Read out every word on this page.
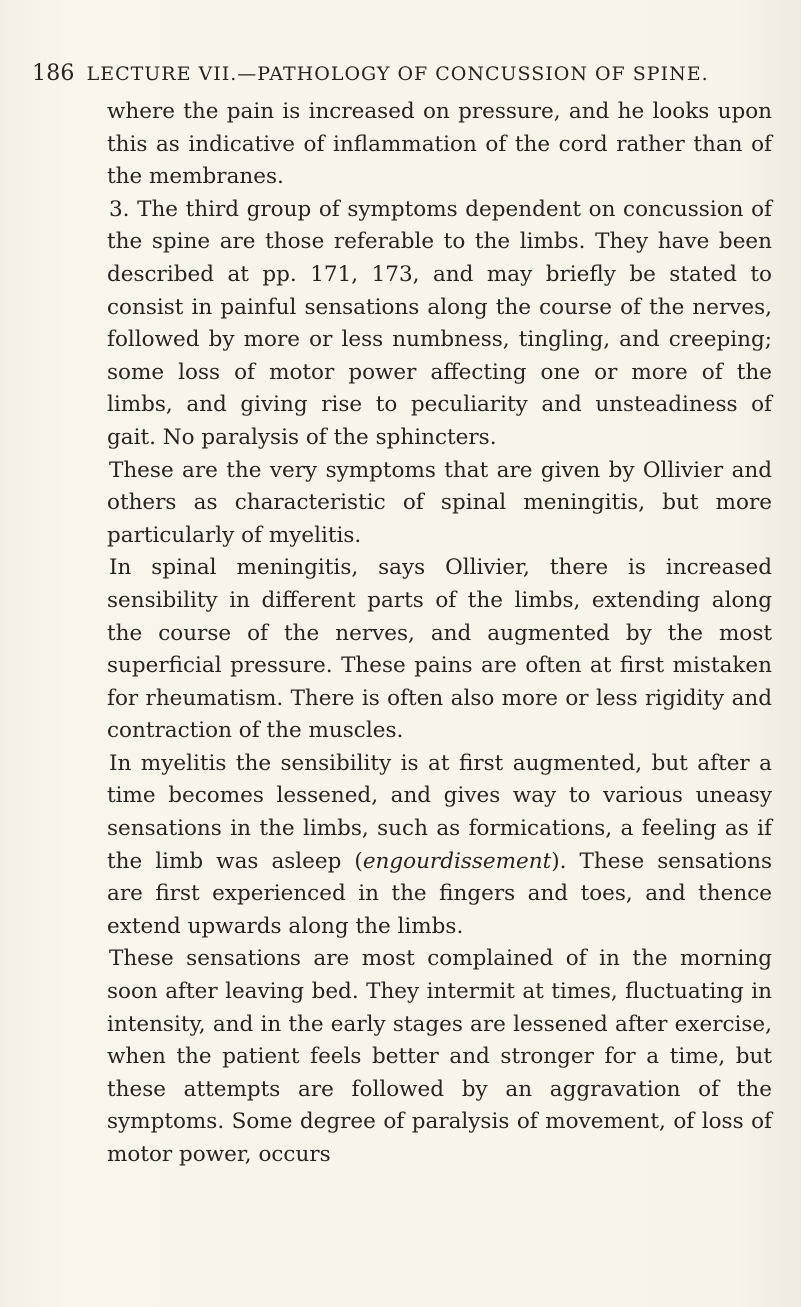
186 LECTURE VII.—PATHOLOGY OF CONCUSSION OF SPINE.

where the pain is increased on pressure, and he looks upon this as indicative of inflammation of the cord rather than of the membranes.

3. The third group of symptoms dependent on concussion of the spine are those referable to the limbs. They have been described at pp. 171, 173, and may briefly be stated to consist in painful sensations along the course of the nerves, followed by more or less numbness, tingling, and creeping; some loss of motor power affecting one or more of the limbs, and giving rise to peculiarity and unsteadiness of gait. No paralysis of the sphincters.

These are the very symptoms that are given by Ollivier and others as characteristic of spinal meningitis, but more particularly of myelitis.

In spinal meningitis, says Ollivier, there is increased sensibility in different parts of the limbs, extending along the course of the nerves, and augmented by the most superficial pressure. These pains are often at first mistaken for rheumatism. There is often also more or less rigidity and contraction of the muscles.

In myelitis the sensibility is at first augmented, but after a time becomes lessened, and gives way to various uneasy sensations in the limbs, such as formications, a feeling as if the limb was asleep (engourdissement). These sensations are first experienced in the fingers and toes, and thence extend upwards along the limbs.

These sensations are most complained of in the morning soon after leaving bed. They intermit at times, fluctuating in intensity, and in the early stages are lessened after exercise, when the patient feels better and stronger for a time, but these attempts are followed by an aggravation of the symptoms. Some degree of paralysis of movement, of loss of motor power, occurs
